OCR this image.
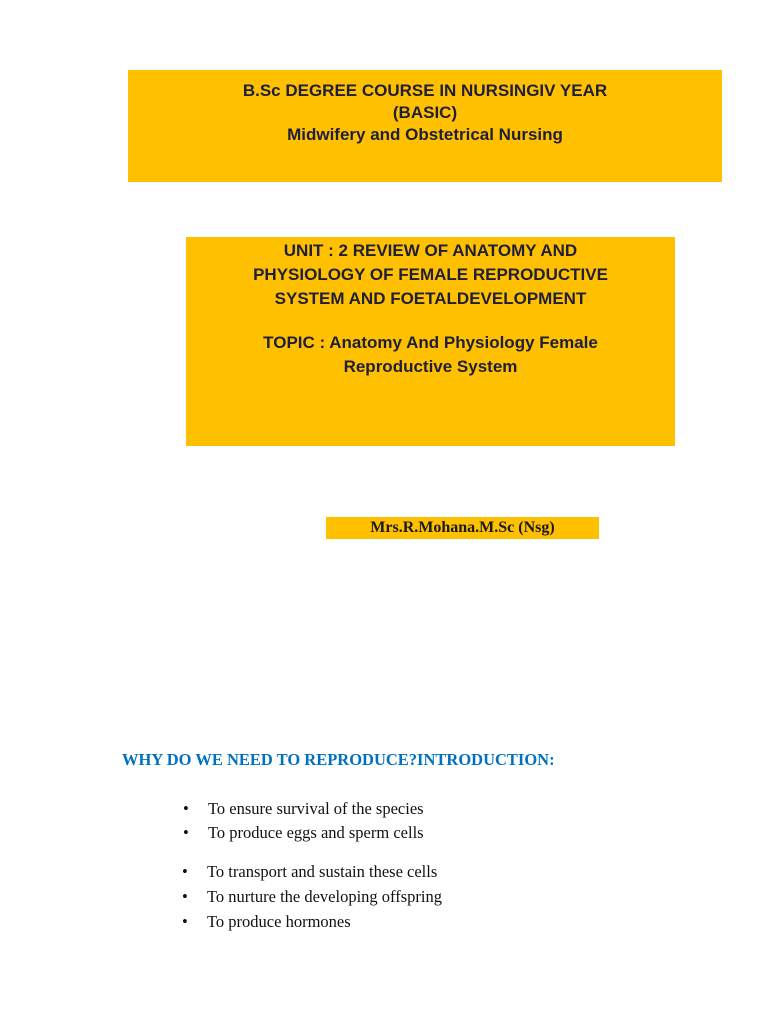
B.Sc DEGREE COURSE IN NURSINGIV YEAR
(BASIC)
Midwifery and Obstetrical Nursing
UNIT : 2 REVIEW OF ANATOMY AND
PHYSIOLOGY OF FEMALE REPRODUCTIVE
SYSTEM AND FOETALDEVELOPMENT
TOPIC : Anatomy And Physiology Female
Reproductive System
Mrs.R.Mohana.M.Sc (Nsg)
WHY DO WE NEED TO REPRODUCE?INTRODUCTION:
• To ensure survival of the species
• To produce eggs and sperm cells
• To transport and sustain these cells
• To nurture the developing offspring
• To produce hormones
